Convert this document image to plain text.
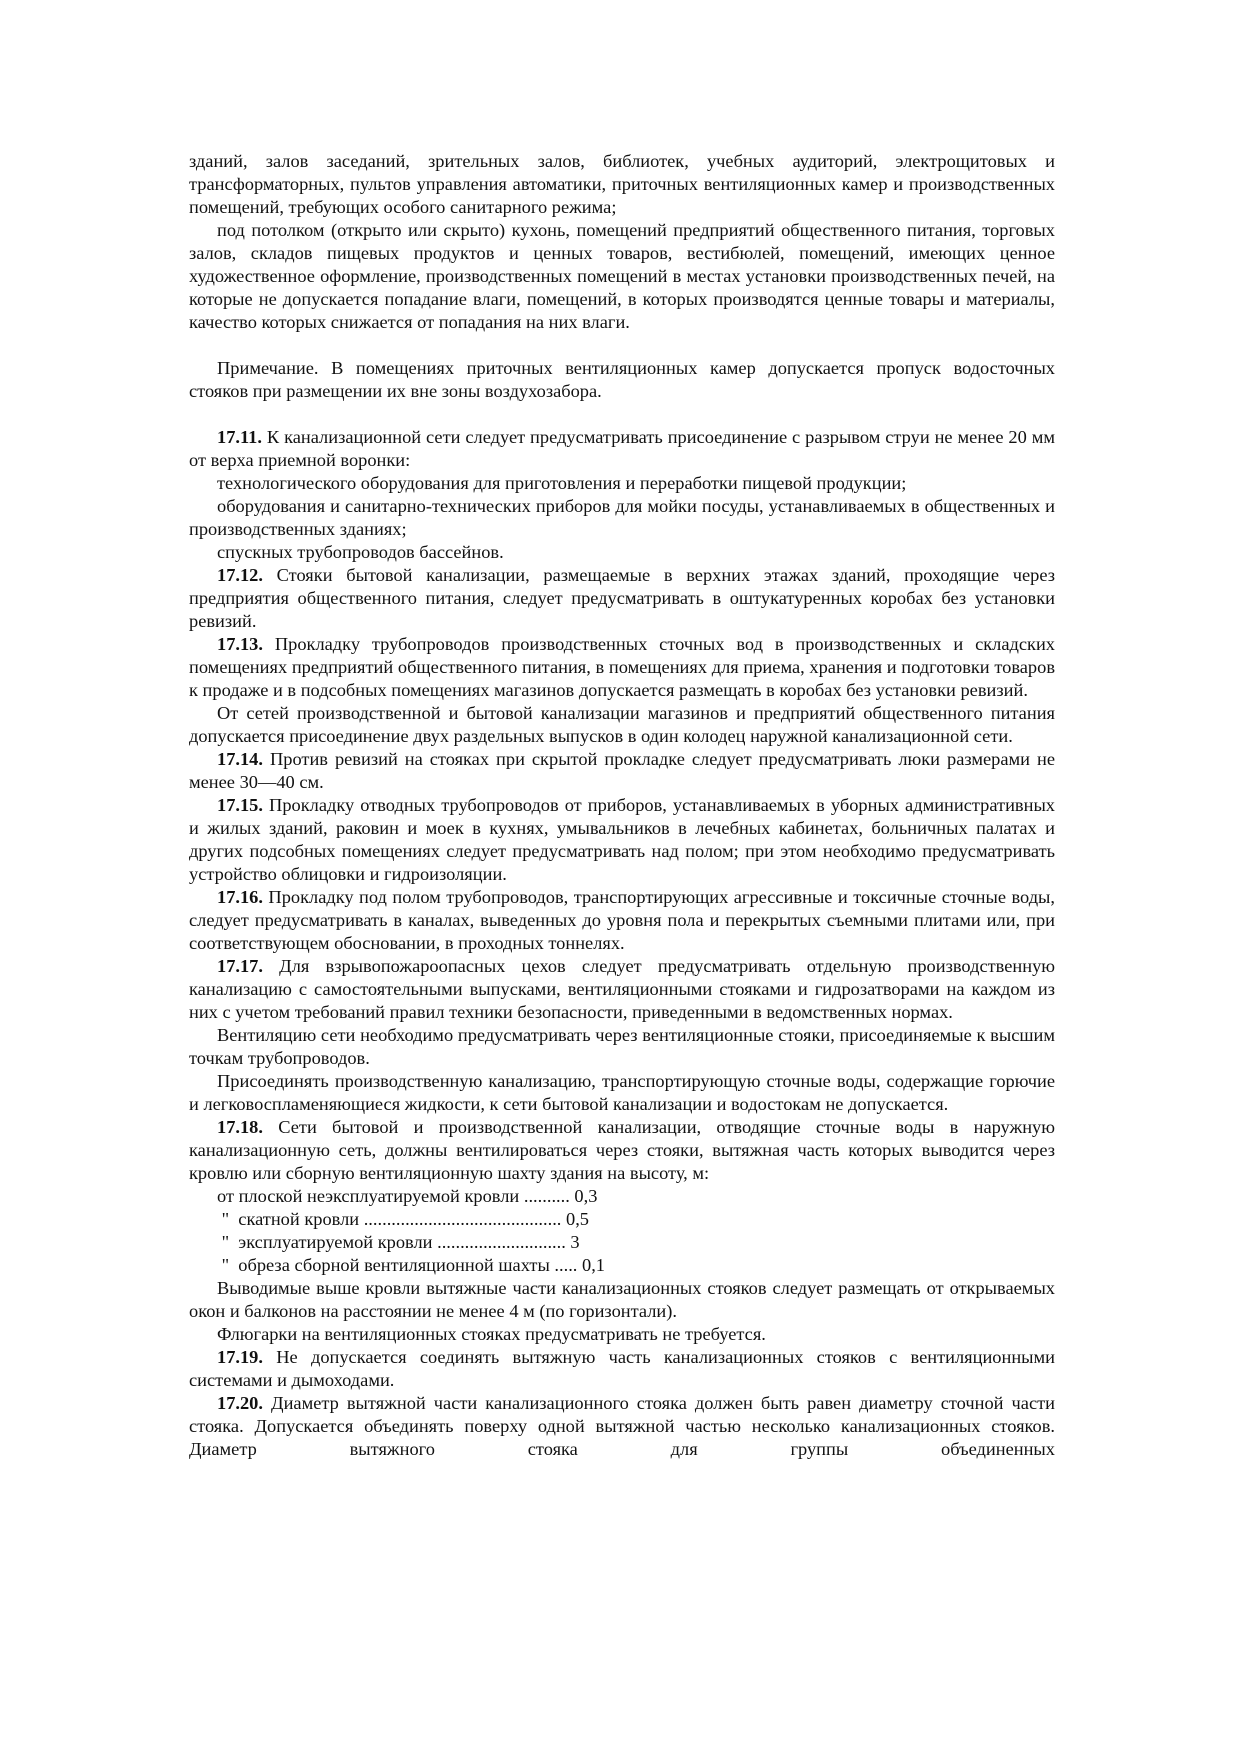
зданий, залов заседаний, зрительных залов, библиотек, учебных аудиторий, электрощитовых и трансформаторных, пультов управления автоматики, приточных вентиляционных камер и производственных помещений, требующих особого санитарного режима;

под потолком (открыто или скрыто) кухонь, помещений предприятий общественного питания, торговых залов, складов пищевых продуктов и ценных товаров, вестибюлей, помещений, имеющих ценное художественное оформление, производственных помещений в местах установки производственных печей, на которые не допускается попадание влаги, помещений, в которых производятся ценные товары и материалы, качество которых снижается от попадания на них влаги.

Примечание. В помещениях приточных вентиляционных камер допускается пропуск водосточных стояков при размещении их вне зоны воздухозабора.

17.11. К канализационной сети следует предусматривать присоединение с разрывом струи не менее 20 мм от верха приемной воронки:

технологического оборудования для приготовления и переработки пищевой продукции;

оборудования и санитарно-технических приборов для мойки посуды, устанавливаемых в общественных и производственных зданиях;

спускных трубопроводов бассейнов.

17.12. Стояки бытовой канализации, размещаемые в верхних этажах зданий, проходящие через предприятия общественного питания, следует предусматривать в оштукатуренных коробах без установки ревизий.

17.13. Прокладку трубопроводов производственных сточных вод в производственных и складских помещениях предприятий общественного питания, в помещениях для приема, хранения и подготовки товаров к продаже и в подсобных помещениях магазинов допускается размещать в коробах без установки ревизий.

От сетей производственной и бытовой канализации магазинов и предприятий общественного питания допускается присоединение двух раздельных выпусков в один колодец наружной канализационной сети.

17.14. Против ревизий на стояках при скрытой прокладке следует предусматривать люки размерами не менее 30—40 см.

17.15. Прокладку отводных трубопроводов от приборов, устанавливаемых в уборных административных и жилых зданий, раковин и моек в кухнях, умывальников в лечебных кабинетах, больничных палатах и других подсобных помещениях следует предусматривать над полом; при этом необходимо предусматривать устройство облицовки и гидроизоляции.

17.16. Прокладку под полом трубопроводов, транспортирующих агрессивные и токсичные сточные воды, следует предусматривать в каналах, выведенных до уровня пола и перекрытых съемными плитами или, при соответствующем обосновании, в проходных тоннелях.

17.17. Для взрывопожароопасных цехов следует предусматривать отдельную производственную канализацию с самостоятельными выпусками, вентиляционными стояками и гидрозатворами на каждом из них с учетом требований правил техники безопасности, приведенными в ведомственных нормах.

Вентиляцию сети необходимо предусматривать через вентиляционные стояки, присоединяемые к высшим точкам трубопроводов.

Присоединять производственную канализацию, транспортирующую сточные воды, содержащие горючие и легковоспламеняющиеся жидкости, к сети бытовой канализации и водостокам не допускается.

17.18. Сети бытовой и производственной канализации, отводящие сточные воды в наружную канализационную сеть, должны вентилироваться через стояки, вытяжная часть которых выводится через кровлю или сборную вентиляционную шахту здания на высоту, м:

от плоской неэксплуатируемой кровли .......... 0,3
"  скатной кровли ........................................... 0,5
"  эксплуатируемой кровли ............................ 3
"  обреза сборной вентиляционной шахты ..... 0,1

Выводимые выше кровли вытяжные части канализационных стояков следует размещать от открываемых окон и балконов на расстоянии не менее 4 м (по горизонтали).

Флюгарки на вентиляционных стояках предусматривать не требуется.

17.19. Не допускается соединять вытяжную часть канализационных стояков с вентиляционными системами и дымоходами.

17.20. Диаметр вытяжной части канализационного стояка должен быть равен диаметру сточной части стояка. Допускается объединять поверху одной вытяжной частью несколько канализационных стояков. Диаметр вытяжного стояка для группы объединенных
